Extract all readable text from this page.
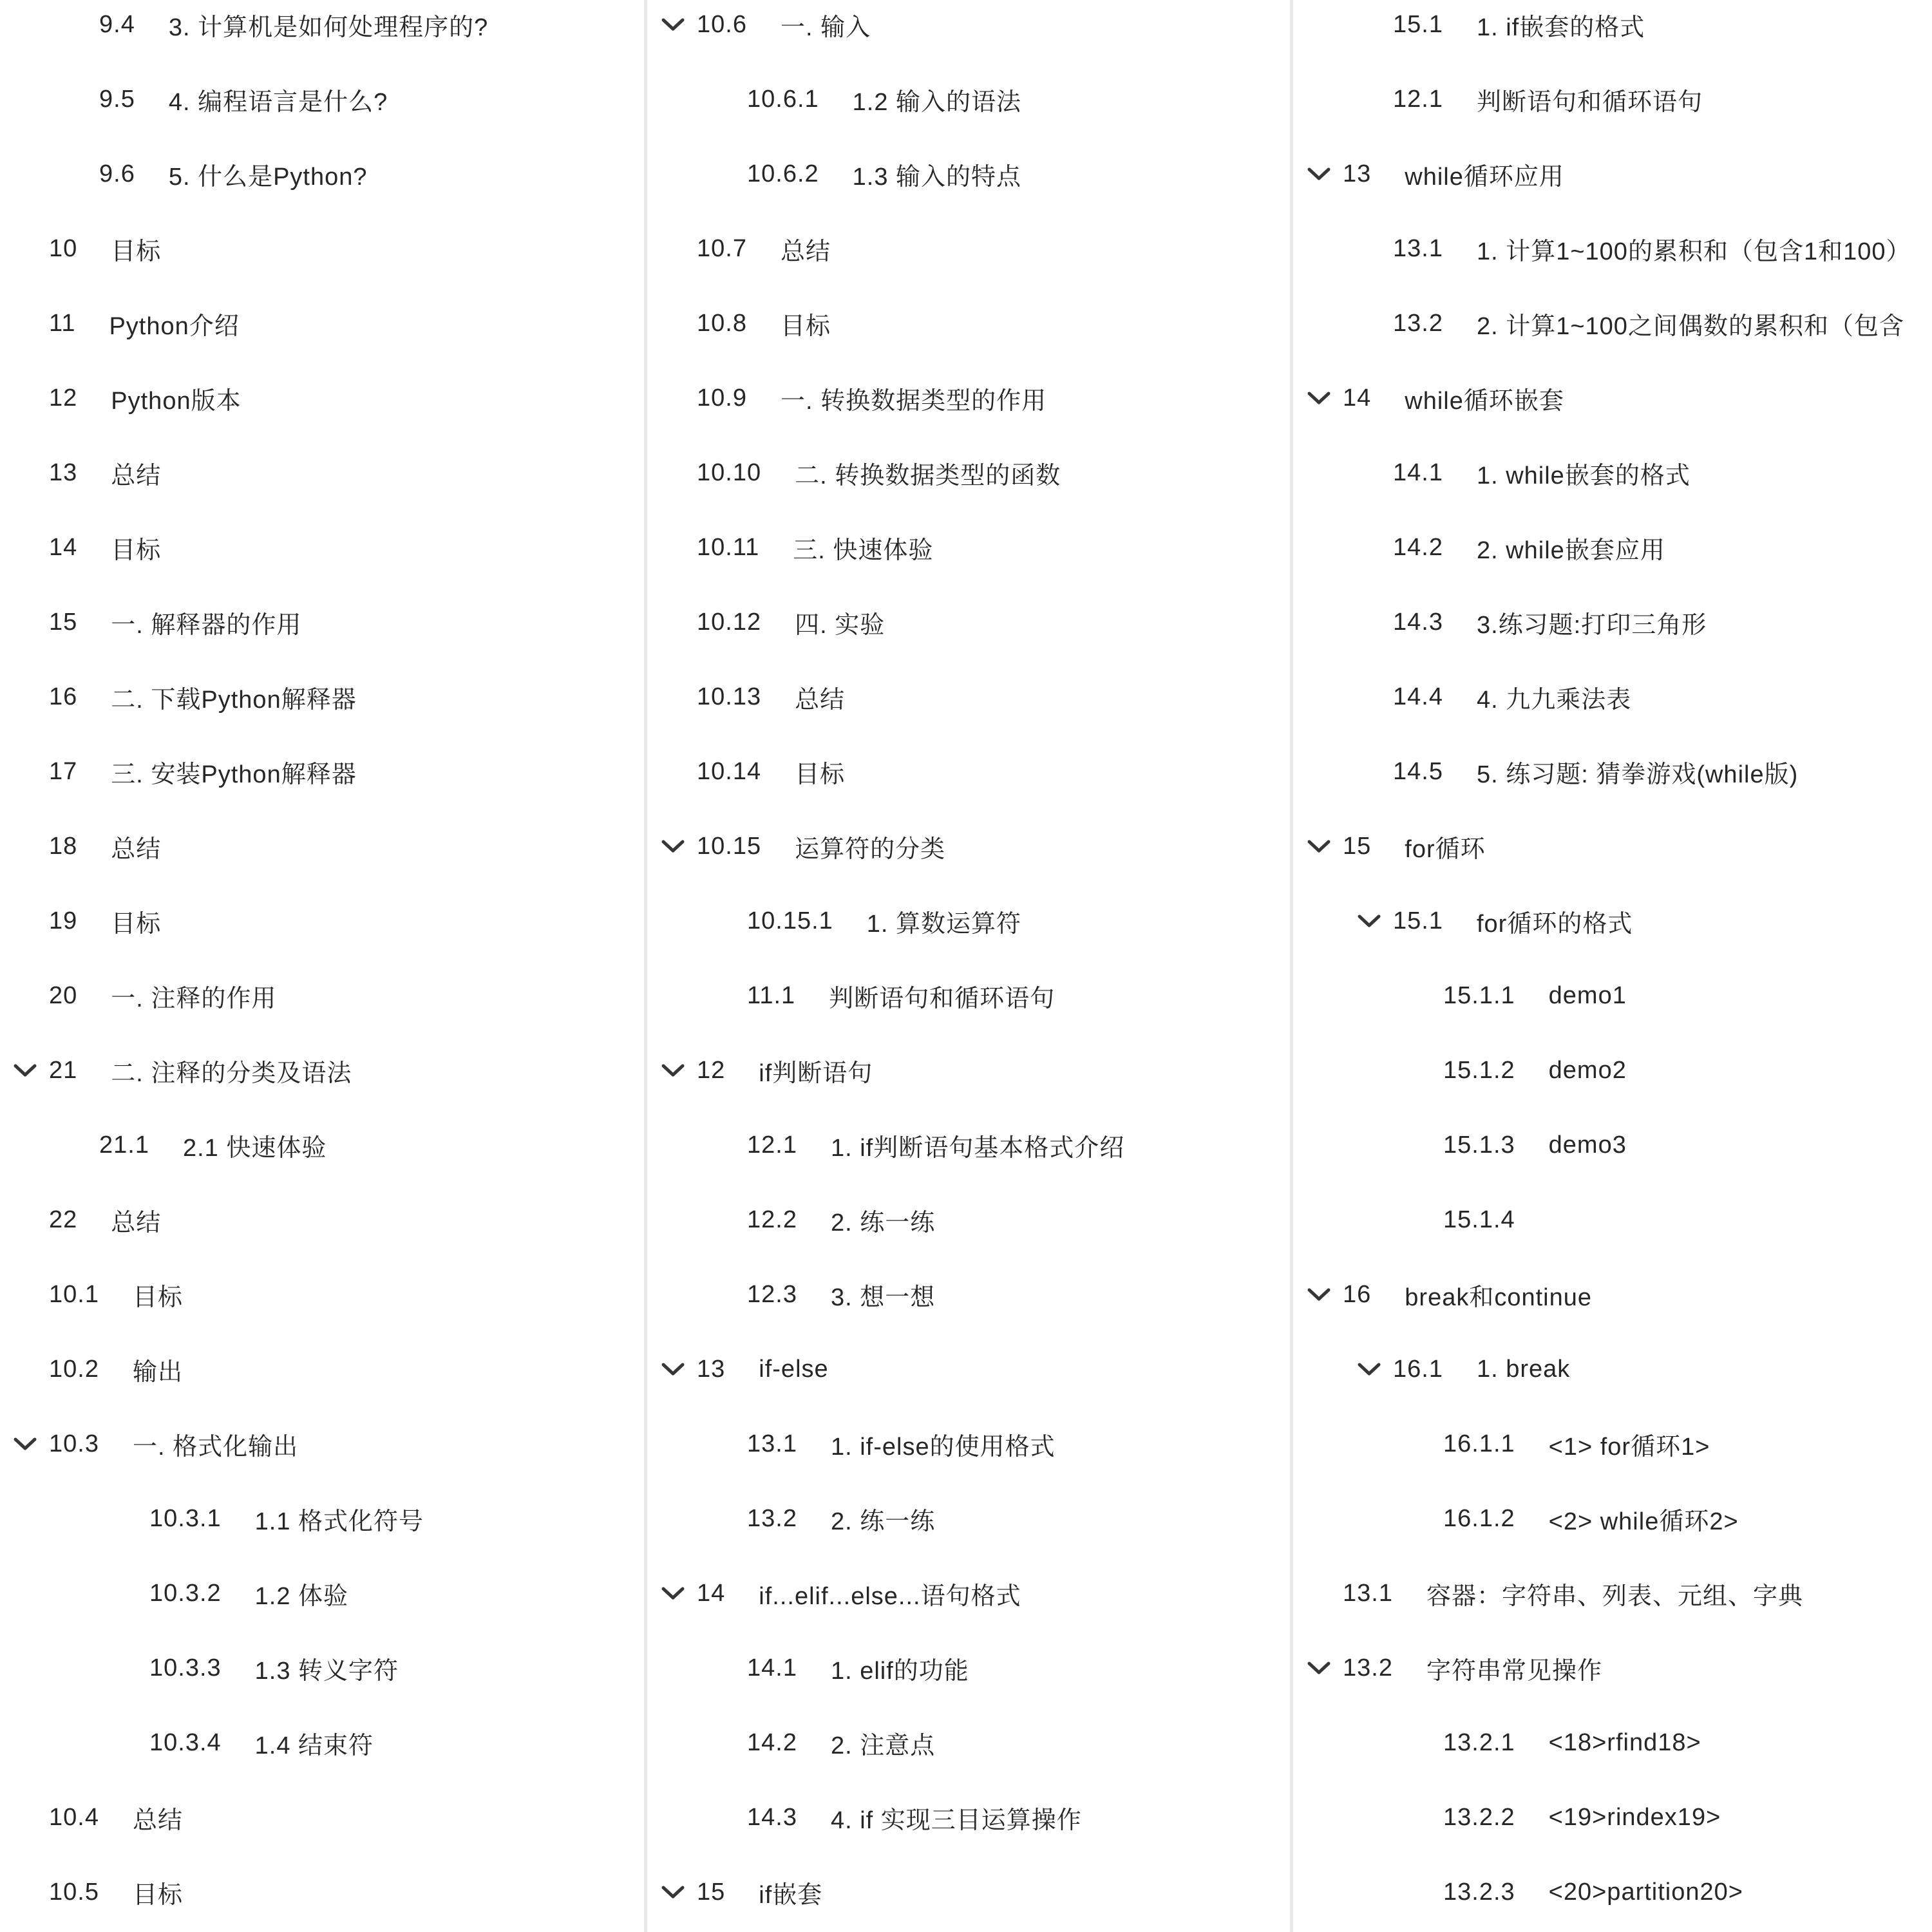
9.4 3. 计算机是如何处理程序的?
9.5 4. 编程语言是什么?
9.6 5. 什么是Python?
10 目标
11 Python介绍
12 Python版本
13 总结
14 目标
15 一. 解释器的作用
16 二. 下载Python解释器
17 三. 安装Python解释器
18 总结
19 目标
20 一. 注释的作用
21 二. 注释的分类及语法
21.1 2.1 快速体验
22 总结
10.1 目标
10.2 输出
10.3 一. 格式化输出
10.3.1 1.1 格式化符号
10.3.2 1.2 体验
10.3.3 1.3 转义字符
10.3.4 1.4 结束符
10.4 总结
10.5 目标
10.6 一. 输入
10.6.1 1.2 输入的语法
10.6.2 1.3 输入的特点
10.7 总结
10.8 目标
10.9 一. 转换数据类型的作用
10.10 二. 转换数据类型的函数
10.11 三. 快速体验
10.12 四. 实验
10.13 总结
10.14 目标
10.15 运算符的分类
10.15.1 1. 算数运算符
11.1 判断语句和循环语句
12 if判断语句
12.1 1. if判断语句基本格式介绍
12.2 2. 练一练
12.3 3. 想一想
13 if-else
13.1 1. if-else的使用格式
13.2 2. 练一练
14 if...elif...else...语句格式
14.1 1. elif的功能
14.2 2. 注意点
14.3 4. if 实现三目运算操作
15 if嵌套
15.1 1. if嵌套的格式
12.1 判断语句和循环语句
13 while循环应用
13.1 1. 计算1~100的累积和（包含1和100）
13.2 2. 计算1~100之间偶数的累积和（包含
14 while循环嵌套
14.1 1. while嵌套的格式
14.2 2. while嵌套应用
14.3 3.练习题:打印三角形
14.4 4. 九九乘法表
14.5 5. 练习题: 猜拳游戏(while版)
15 for循环
15.1 for循环的格式
15.1.1 demo1
15.1.2 demo2
15.1.3 demo3
15.1.4
16 break和continue
16.1 1. break
16.1.1 <1> for循环1>
16.1.2 <2> while循环2>
13.1 容器：字符串、列表、元组、字典
13.2 字符串常见操作
13.2.1 <18>rfind18>
13.2.2 <19>rindex19>
13.2.3 <20>partition20>
